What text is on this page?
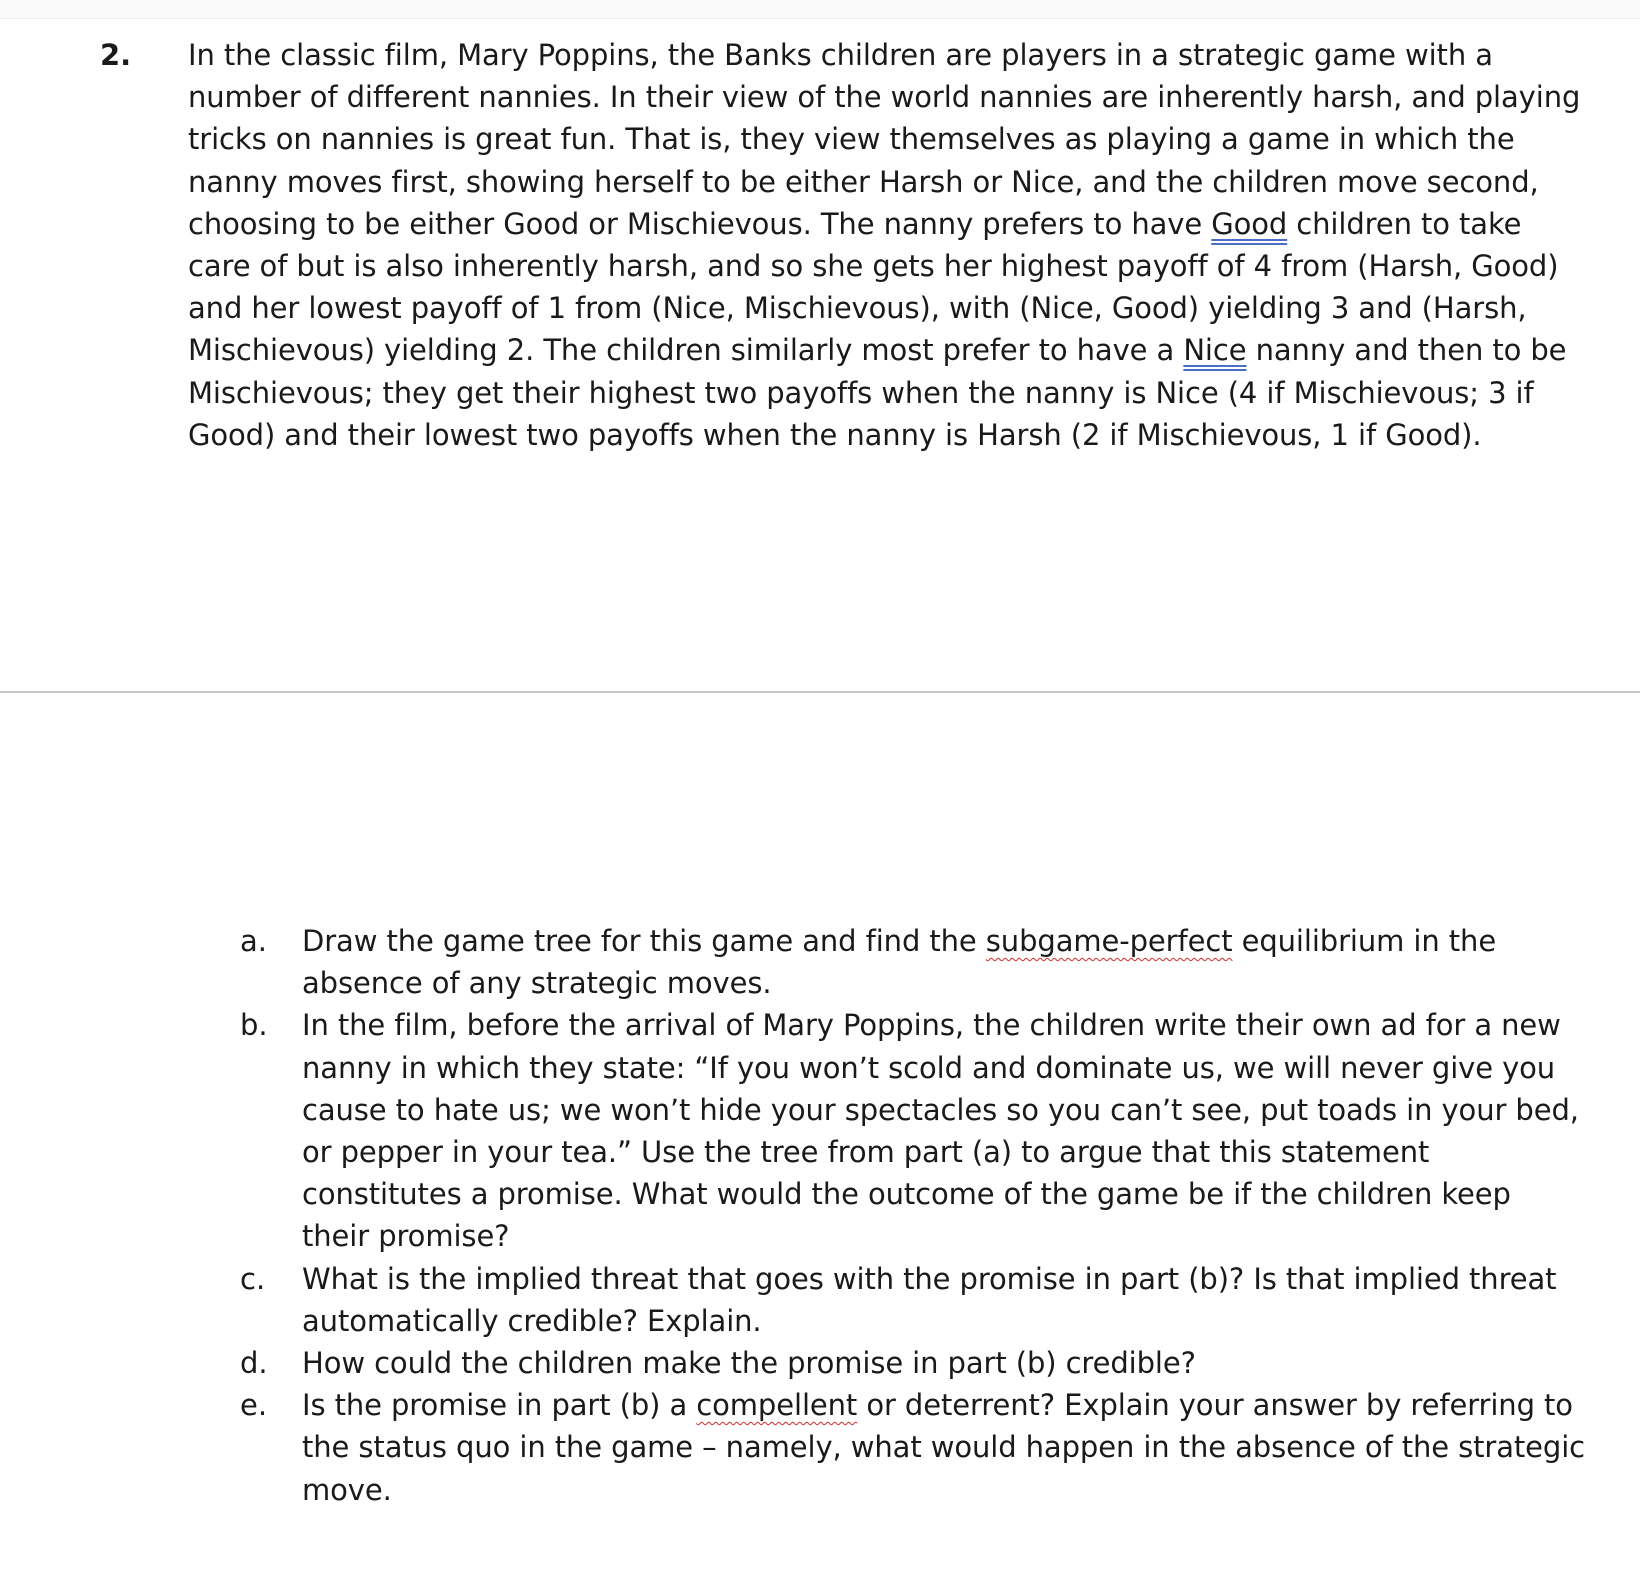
2. In the classic film, Mary Poppins, the Banks children are players in a strategic game with a
number of different nannies. In their view of the world nannies are inherently harsh, and playing
tricks on nannies is great fun. That is, they view themselves as playing a game in which the
nanny moves first, showing herself to be either Harsh or Nice, and the children move second,
choosing to be either Good or Mischievous. The nanny prefers to have Good children to take
care of but is also inherently harsh, and so she gets her highest payoff of 4 from (Harsh, Good)
and her lowest payoff of 1 from (Nice, Mischievous), with (Nice, Good) yielding 3 and (Harsh,
Mischievous) yielding 2. The children similarly most prefer to have a Nice nanny and then to be
Mischievous; they get their highest two payoffs when the nanny is Nice (4 if Mischievous; 3 if
Good) and their lowest two payoffs when the nanny is Harsh (2 if Mischievous, 1 if Good).
a. Draw the game tree for this game and find the subgame-perfect equilibrium in the
absence of any strategic moves.
b. In the film, before the arrival of Mary Poppins, the children write their own ad for a new
nanny in which they state: “If you won’t scold and dominate us, we will never give you
cause to hate us; we won’t hide your spectacles so you can’t see, put toads in your bed,
or pepper in your tea.” Use the tree from part (a) to argue that this statement
constitutes a promise. What would the outcome of the game be if the children keep
their promise?
c. What is the implied threat that goes with the promise in part (b)? Is that implied threat
automatically credible? Explain.
d. How could the children make the promise in part (b) credible?
e. Is the promise in part (b) a compellent or deterrent? Explain your answer by referring to
the status quo in the game – namely, what would happen in the absence of the strategic
move.
